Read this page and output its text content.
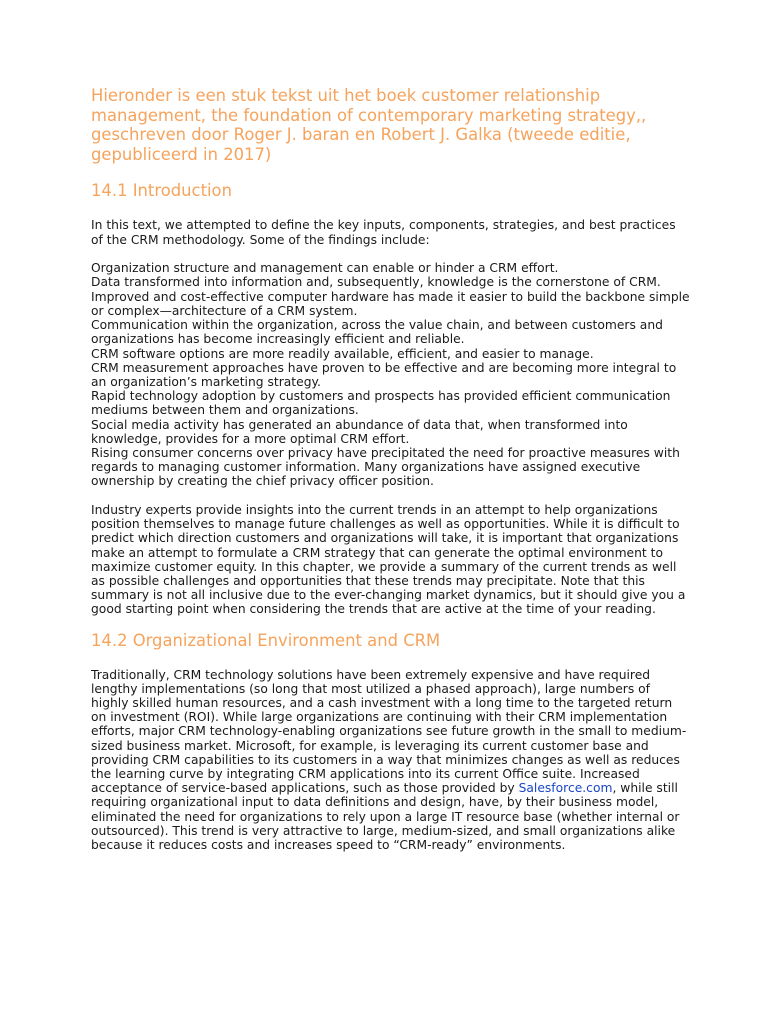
Hieronder is een stuk tekst uit het boek customer relationship management, the foundation of contemporary marketing strategy,, geschreven door Roger J. baran en Robert J. Galka (tweede editie, gepubliceerd in 2017)

14.1 Introduction

In this text, we attempted to define the key inputs, components, strategies, and best practices of the CRM methodology. Some of the findings include:

Organization structure and management can enable or hinder a CRM effort.
Data transformed into information and, subsequently, knowledge is the cornerstone of CRM. Improved and cost-effective computer hardware has made it easier to build the backbone simple or complex—architecture of a CRM system.
Communication within the organization, across the value chain, and between customers and organizations has become increasingly efficient and reliable.
CRM software options are more readily available, efficient, and easier to manage.
CRM measurement approaches have proven to be effective and are becoming more integral to an organization’s marketing strategy.
Rapid technology adoption by customers and prospects has provided efficient communication mediums between them and organizations.
Social media activity has generated an abundance of data that, when transformed into knowledge, provides for a more optimal CRM effort.
Rising consumer concerns over privacy have precipitated the need for proactive measures with regards to managing customer information. Many organizations have assigned executive ownership by creating the chief privacy officer position.

Industry experts provide insights into the current trends in an attempt to help organizations position themselves to manage future challenges as well as opportunities. While it is difficult to predict which direction customers and organizations will take, it is important that organizations make an attempt to formulate a CRM strategy that can generate the optimal environment to maximize customer equity. In this chapter, we provide a summary of the current trends as well as possible challenges and opportunities that these trends may precipitate. Note that this summary is not all inclusive due to the ever-changing market dynamics, but it should give you a good starting point when considering the trends that are active at the time of your reading.

14.2 Organizational Environment and CRM

Traditionally, CRM technology solutions have been extremely expensive and have required lengthy implementations (so long that most utilized a phased approach), large numbers of highly skilled human resources, and a cash investment with a long time to the targeted return on investment (ROI). While large organizations are continuing with their CRM implementation efforts, major CRM technology-enabling organizations see future growth in the small to medium-sized business market. Microsoft, for example, is leveraging its current customer base and providing CRM capabilities to its customers in a way that minimizes changes as well as reduces the learning curve by integrating CRM applications into its current Office suite. Increased acceptance of service-based applications, such as those provided by Salesforce.com, while still requiring organizational input to data definitions and design, have, by their business model, eliminated the need for organizations to rely upon a large IT resource base (whether internal or outsourced). This trend is very attractive to large, medium-sized, and small organizations alike because it reduces costs and increases speed to “CRM-ready” environments.
